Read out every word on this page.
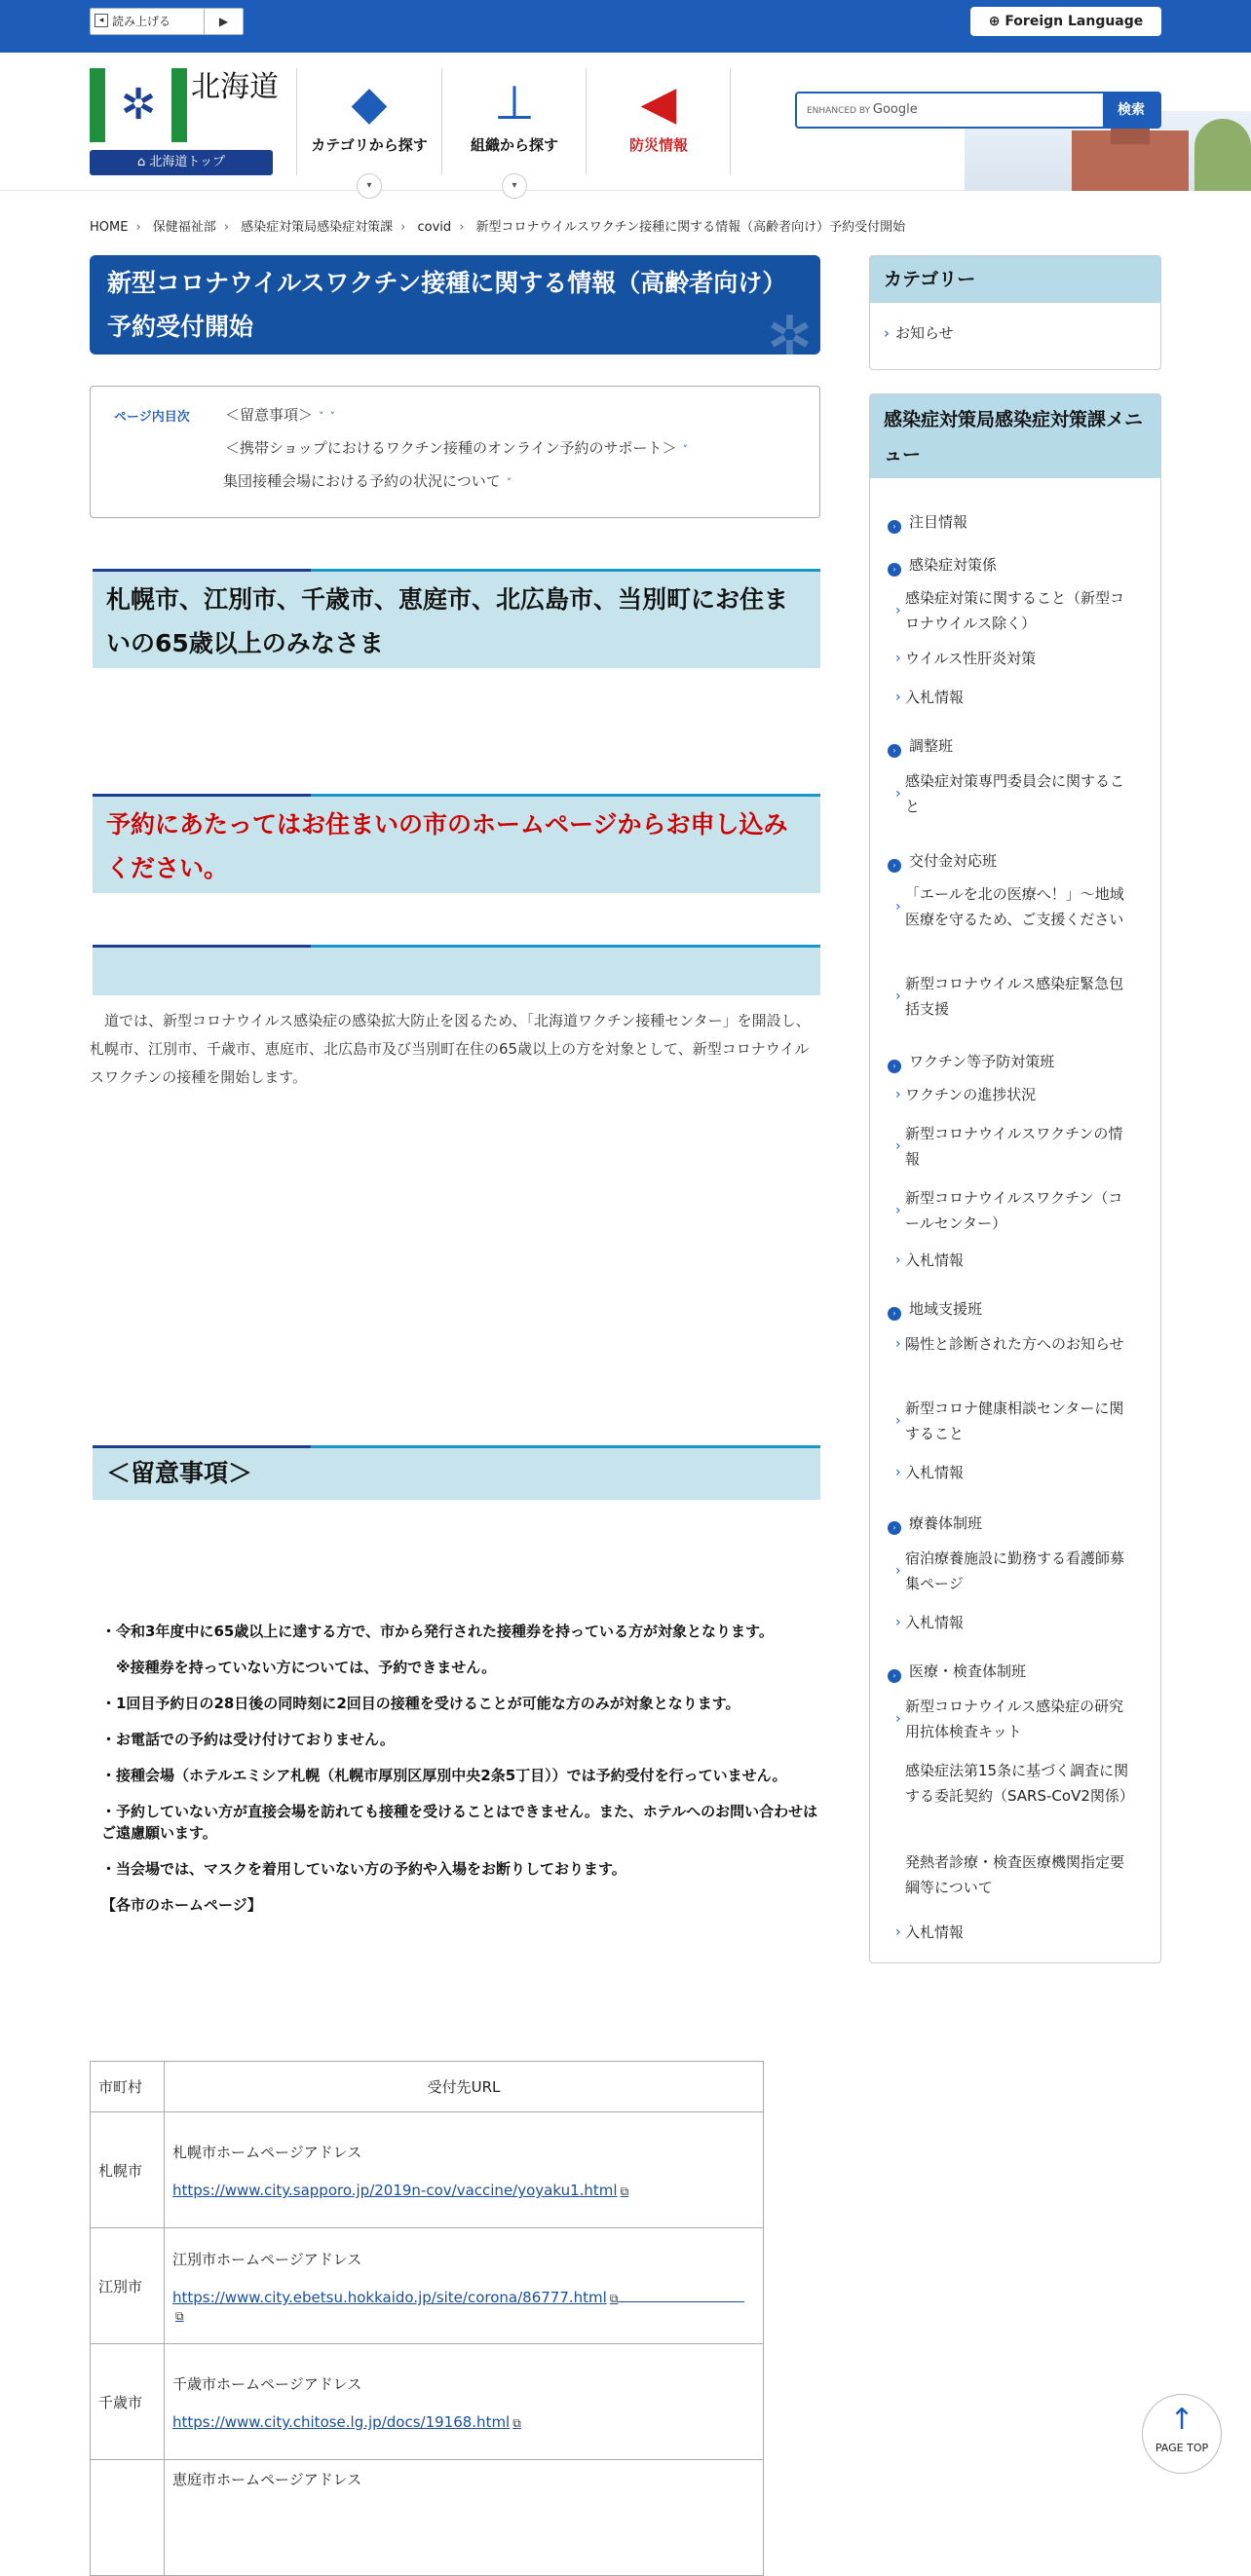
◂ 読み上げる	▶	⊕ Foreign Language
✲ 北海道
⌂ 北海道トップ
◆
カテゴリから探す
▾
⊥
組織から探す
▾
◀
防災情報
ENHANCED BY Google	検索
HOME › 保健福祉部 › 感染症対策局感染症対策課 › covid › 新型コロナウイルスワクチン接種に関する情報（高齢者向け）予約受付開始
新型コロナウイルスワクチン接種に関する情報（高齢者向け）予約受付開始	✲
ページ内目次 ＜留意事項＞ ˅ ˅
＜携帯ショップにおけるワクチン接種のオンライン予約のサポート＞ ˅
集団接種会場における予約の状況について ˅
札幌市、江別市、千歳市、恵庭市、北広島市、当別町にお住まいの65歳以上のみなさま
予約にあたってはお住まいの市のホームページからお申し込みください。
道では、新型コロナウイルス感染症の感染拡大防止を図るため、「北海道ワクチン接種センター」を開設し、札幌市、江別市、千歳市、恵庭市、北広島市及び当別町在住の65歳以上の方を対象として、新型コロナウイルスワクチンの接種を開始します。
＜留意事項＞

・令和3年度中に65歳以上に達する方で、市から発行された接種券を持っている方が対象となります。

　※接種券を持っていない方については、予約できません。

・1回目予約日の28日後の同時刻に2回目の接種を受けることが可能な方のみが対象となります。

・お電話での予約は受け付けておりません。

・接種会場（ホテルエミシア札幌（札幌市厚別区厚別中央2条5丁目））では予約受付を行っていません。

・予約していない方が直接会場を訪れても接種を受けることはできません。また、ホテルへのお問い合わせはご遠慮願います。

・当会場では、マスクを着用していない方の予約や入場をお断りしております。

【各市のホームページ】

市町村	受付先URL
札幌市	札幌市ホームページアドレス
https://www.city.sapporo.jp/2019n-cov/vaccine/yoyaku1.html ⧉

江別市	江別市ホームページアドレス
https://www.city.ebetsu.hokkaido.jp/site/corona/86777.html ⧉⧉

千歳市	千歳市ホームページアドレス
https://www.city.chitose.lg.jp/docs/19168.html ⧉

	恵庭市ホームページアドレス
カテゴリー
› お知らせ
感染症対策局感染症対策課メニュー
› 注目情報
› 感染症対策係
›
感染症対策に関すること（新型コロナウイルス除く）
› ウイルス性肝炎対策
› 入札情報
› 調整班
›
感染症対策専門委員会に関すること
› 交付金対応班
›
「エールを北の医療へ！」～地域医療を守るため、ご支援ください
›
新型コロナウイルス感染症緊急包括支援
› ワクチン等予防対策班
› ワクチンの進捗状況
›
新型コロナウイルスワクチンの情報
›
新型コロナウイルスワクチン（コールセンター）
› 入札情報
› 地域支援班
› 陽性と診断された方へのお知らせ
›
新型コロナ健康相談センターに関すること
› 入札情報
› 療養体制班
›
宿泊療養施設に勤務する看護師募集ページ
› 入札情報
› 医療・検査体制班
›
新型コロナウイルス感染症の研究用抗体検査キット
感染症法第15条に基づく調査に関する委託契約（SARS-CoV2関係）
発熱者診療・検査医療機関指定要綱等について
› 入札情報
↑
PAGE TOP
